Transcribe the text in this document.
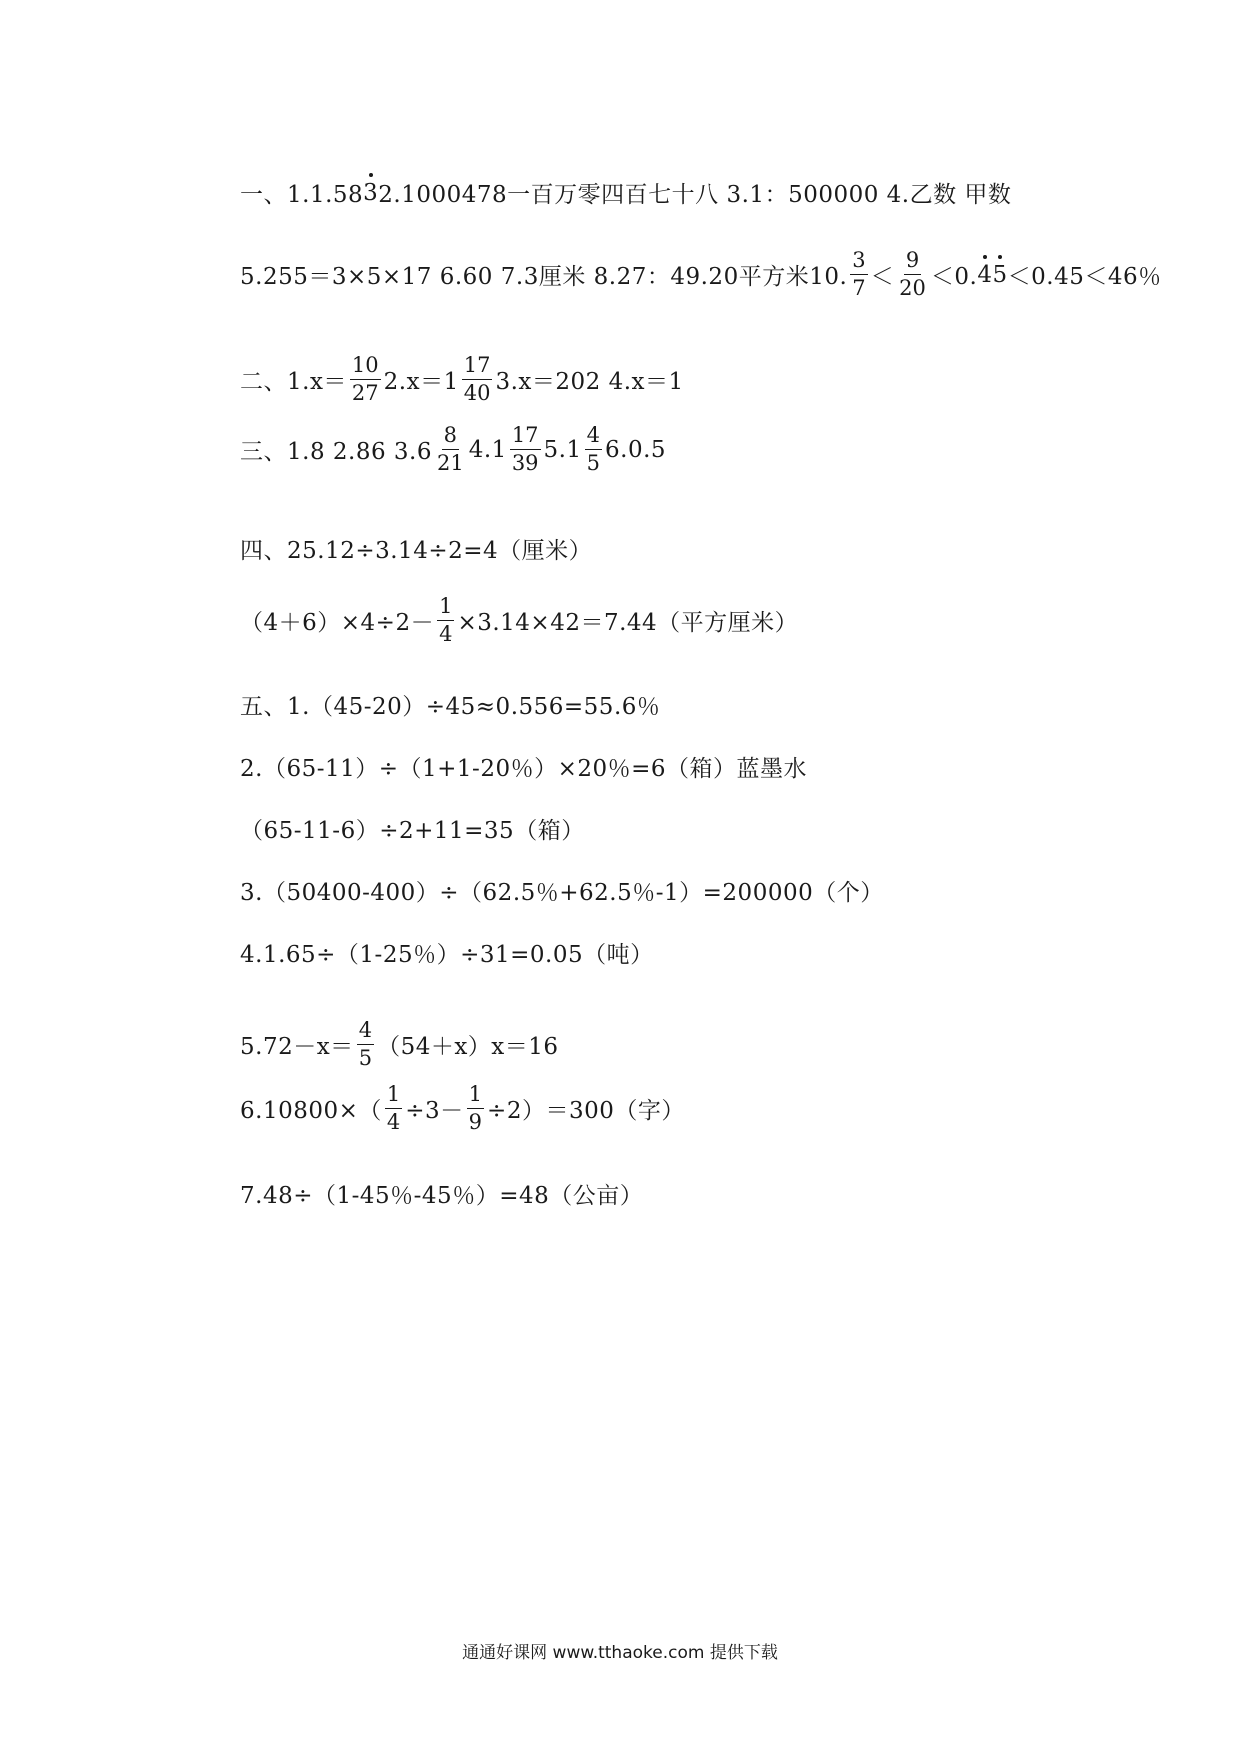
一、1.1.58 3 2.1000478一百万零四百七十八 3.1：500000 4.乙数 甲数
5.255＝3×5×17 6.60 7.3厘米 8.27：49.20平方米10. $\frac{3}{7} < \frac{9}{20} <0$. 4 5 ＜0.45＜46％
二、$1.x= \frac{10}{27} 2.x=1 \frac{17}{40} 3.x=202$ 4.x＝1
三、1.8 2.86 $3.6 \frac{8}{21} 4.1 \frac{17}{39} 5.1 \frac{4}{5} 6.0.5$
四、25.12÷3.14÷2=4（厘米）
$(4+6)\times 4\div 2- \frac{1}{4} \times 3.14\times 42=7.44$（平方厘米）
五、1.（45-20）÷45≈0.556=55.6％
2.（65-11）÷（1+1-20％）×20％=6（箱）蓝墨水
（65-11-6）÷2+11=35（箱）
3.（50400-400）÷（62.5％+62.5％-1）=200000（个）
4.1.65÷（1-25％）÷31=0.05（吨）
$5.72-x= \frac{4}{5} (54+x)x=16$
$6.10800\times( \frac{1}{4} \div 3- \frac{1}{9} \div 2)=300$（字）
7.48÷（1-45％-45％）=48（公亩）
通通好课网 www.tthaoke.com 提供下载
